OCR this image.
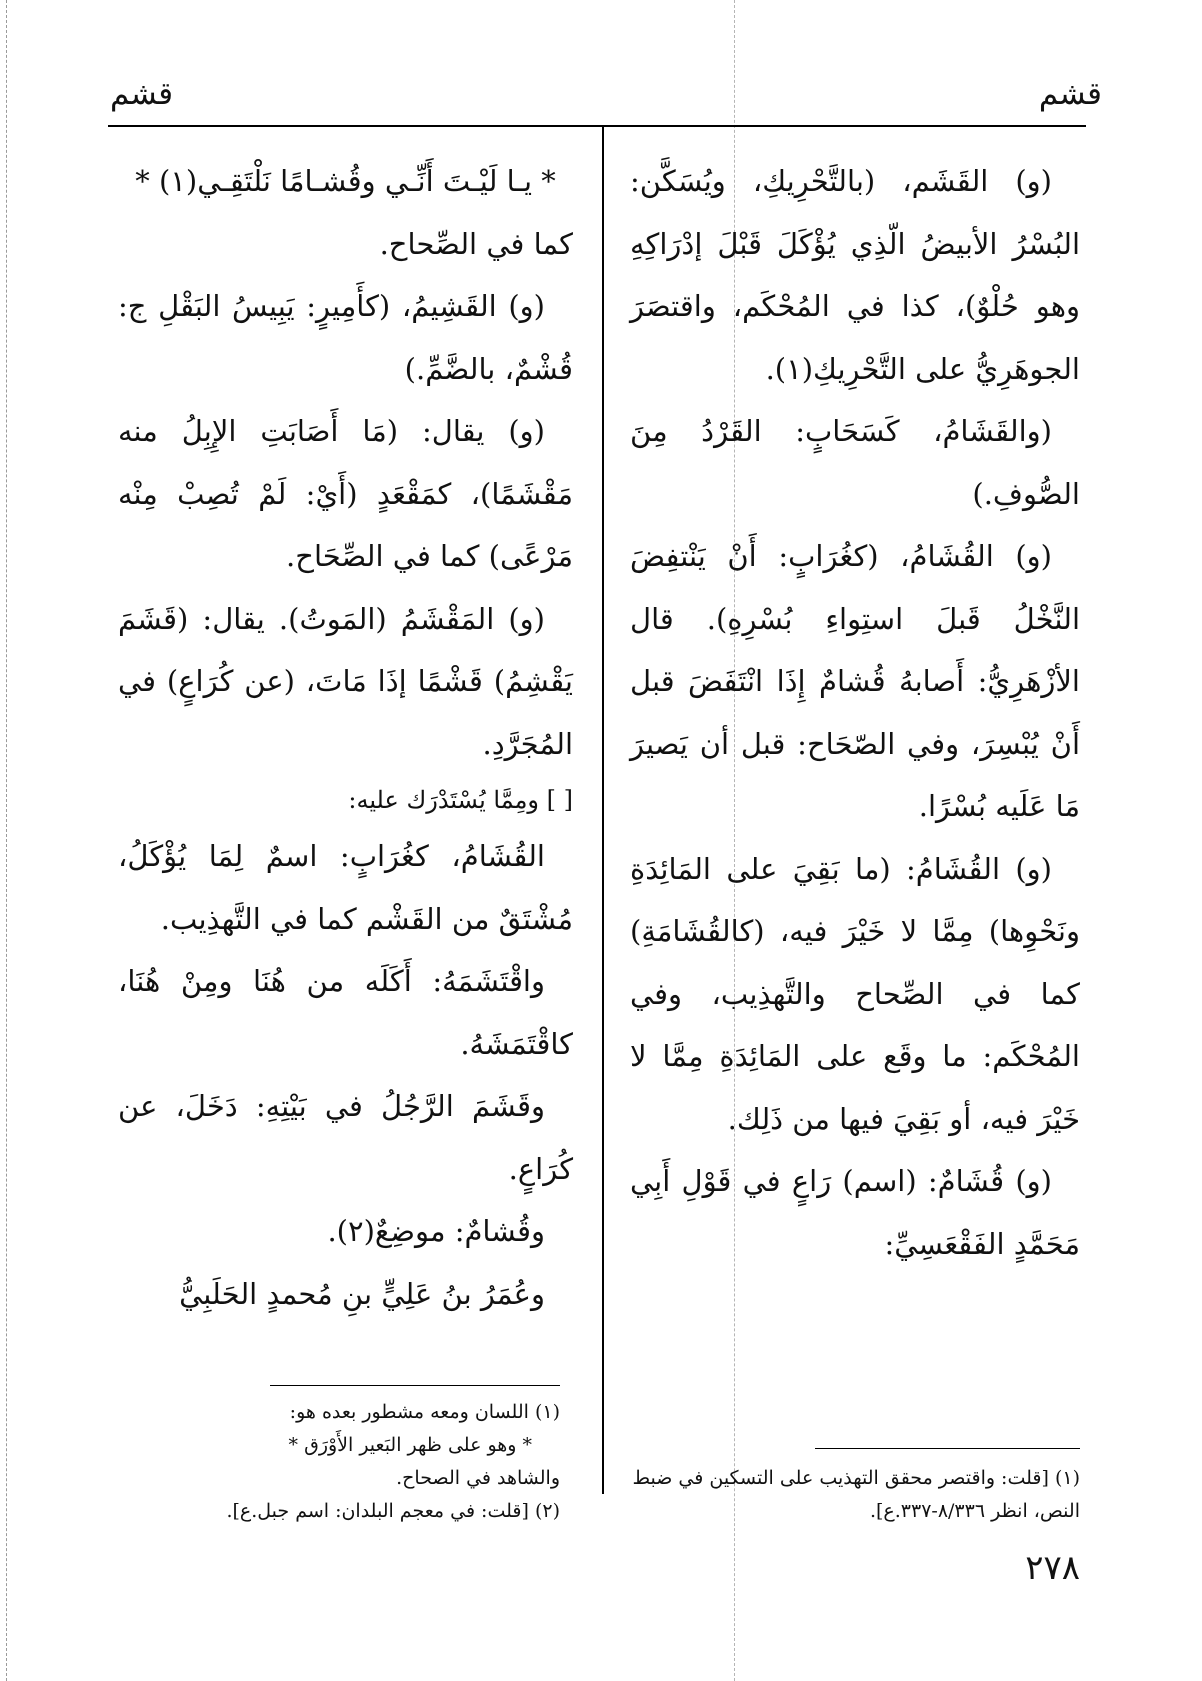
قشم
قشم

(و) القَشَم، (بالتَّحْرِيكِ، ويُسَكَّن: البُسْرُ الأبيضُ الّذِي يُؤْكَلَ قَبْلَ إدْرَاكِهِ وهو حُلْوٌ)، كذا في المُحْكَم، واقتصَرَ الجوهَرِيُّ على التَّحْرِيكِ(١).

(والقَشَامُ، كَسَحَابٍ: القَرْدُ مِنَ الصُّوفِ.)

(و) القُشَامُ، (كغُرَابٍ: أَنْ يَنْتفِضَ النَّخْلُ قَبلَ استِواءِ بُسْرِهِ). قال الأزْهَرِيُّ: أَصابهُ قُشامٌ إِذَا انْتَفَضَ قبل أَنْ يُبْسِرَ، وفي الصّحَاح: قبل أن يَصيرَ مَا عَلَيه بُسْرًا.

(و) القُشَامُ: (ما بَقِيَ على المَائِدَةِ ونَحْوِها) مِمَّا لا خَيْرَ فيه، (كالقُشَامَةِ) كما في الصِّحاح والتَّهذِيب، وفي المُحْكَم: ما وقَع على المَائِدَةِ مِمَّا لا خَيْرَ فيه، أو بَقِيَ فيها من ذَلِك.

(و) قُشَامٌ: (اسم) رَاعٍ في قَوْلِ أَبِي مَحَمَّدٍ الفَقْعَسِيِّ:

* يـا لَيْـتَ أَنِّـي وقُشـامًا نَلْتَقِـي(١) *

كما في الصِّحاح.

(و) القَشِيمُ، (كأَمِيرٍ: يَبِيسُ البَقْلِ ج: قُشْمٌ، بالضَّمِّ.)

(و) يقال: (مَا أَصَابَتِ الإِبِلُ منه مَقْشَمًا)، كمَقْعَدٍ (أَيْ: لَمْ تُصِبْ مِنْه مَرْعًى) كما في الصِّحَاح.

(و) المَقْشَمُ (المَوتُ). يقال: (قَشَمَ يَقْشِمُ) قَشْمًا إذَا مَاتَ، (عن كُرَاعٍ) في المُجَرَّدِ.

[ ] ومِمَّا يُسْتَدْرَك عليه:

القُشَامُ، كغُرَابٍ: اسمٌ لِمَا يُؤْكَلُ، مُشْتَقٌ من القَشْم كما في التَّهذِيب.

واقْتَشَمَهُ: أَكَلَه من هُنَا ومِنْ هُنَا، كاقْتَمَشَهُ.

وقَشَمَ الرَّجُلُ في بَيْتِهِ: دَخَلَ، عن كُرَاعٍ.

وقُشامٌ: موضِعٌ(٢).

وعُمَرُ بنُ عَلِيٍّ بنِ مُحمدٍ الحَلَبِيُّ

(١) [قلت: واقتصر محقق التهذيب على التسكين في ضبط النص، انظر ٨/٣٣٦-٣٣٧.ع].

(١) اللسان ومعه مشطور بعده هو:

* وهو على ظهر البَعير الأَوْرَق *

والشاهد في الصحاح.

(٢) [قلت: في معجم البلدان: اسم جبل.ع].

٢٧٨
